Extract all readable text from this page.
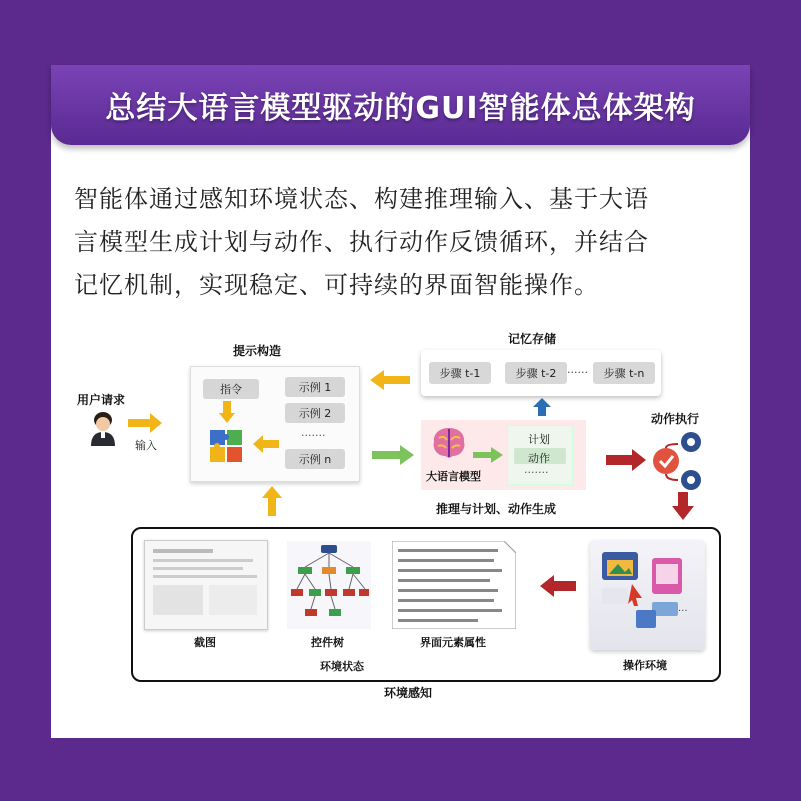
总结大语言模型驱动的GUI智能体总体架构
智能体通过感知环境状态、构建推理输入、基于大语
言模型生成计划与动作、执行动作反馈循环，并结合
记忆机制，实现稳定、可持续的界面智能操作。
用户请求
输入
提示构造
指令	示例 1
示例 2
·······
示例 n
记忆存储
步骤 t-1	步骤 t-2 ······	步骤 t-n
大语言模型
计划
动作
·······
推理与计划、动作生成
动作执行
截图	控件树	界面元素属性
环境状态
···
操作环境
环境感知
